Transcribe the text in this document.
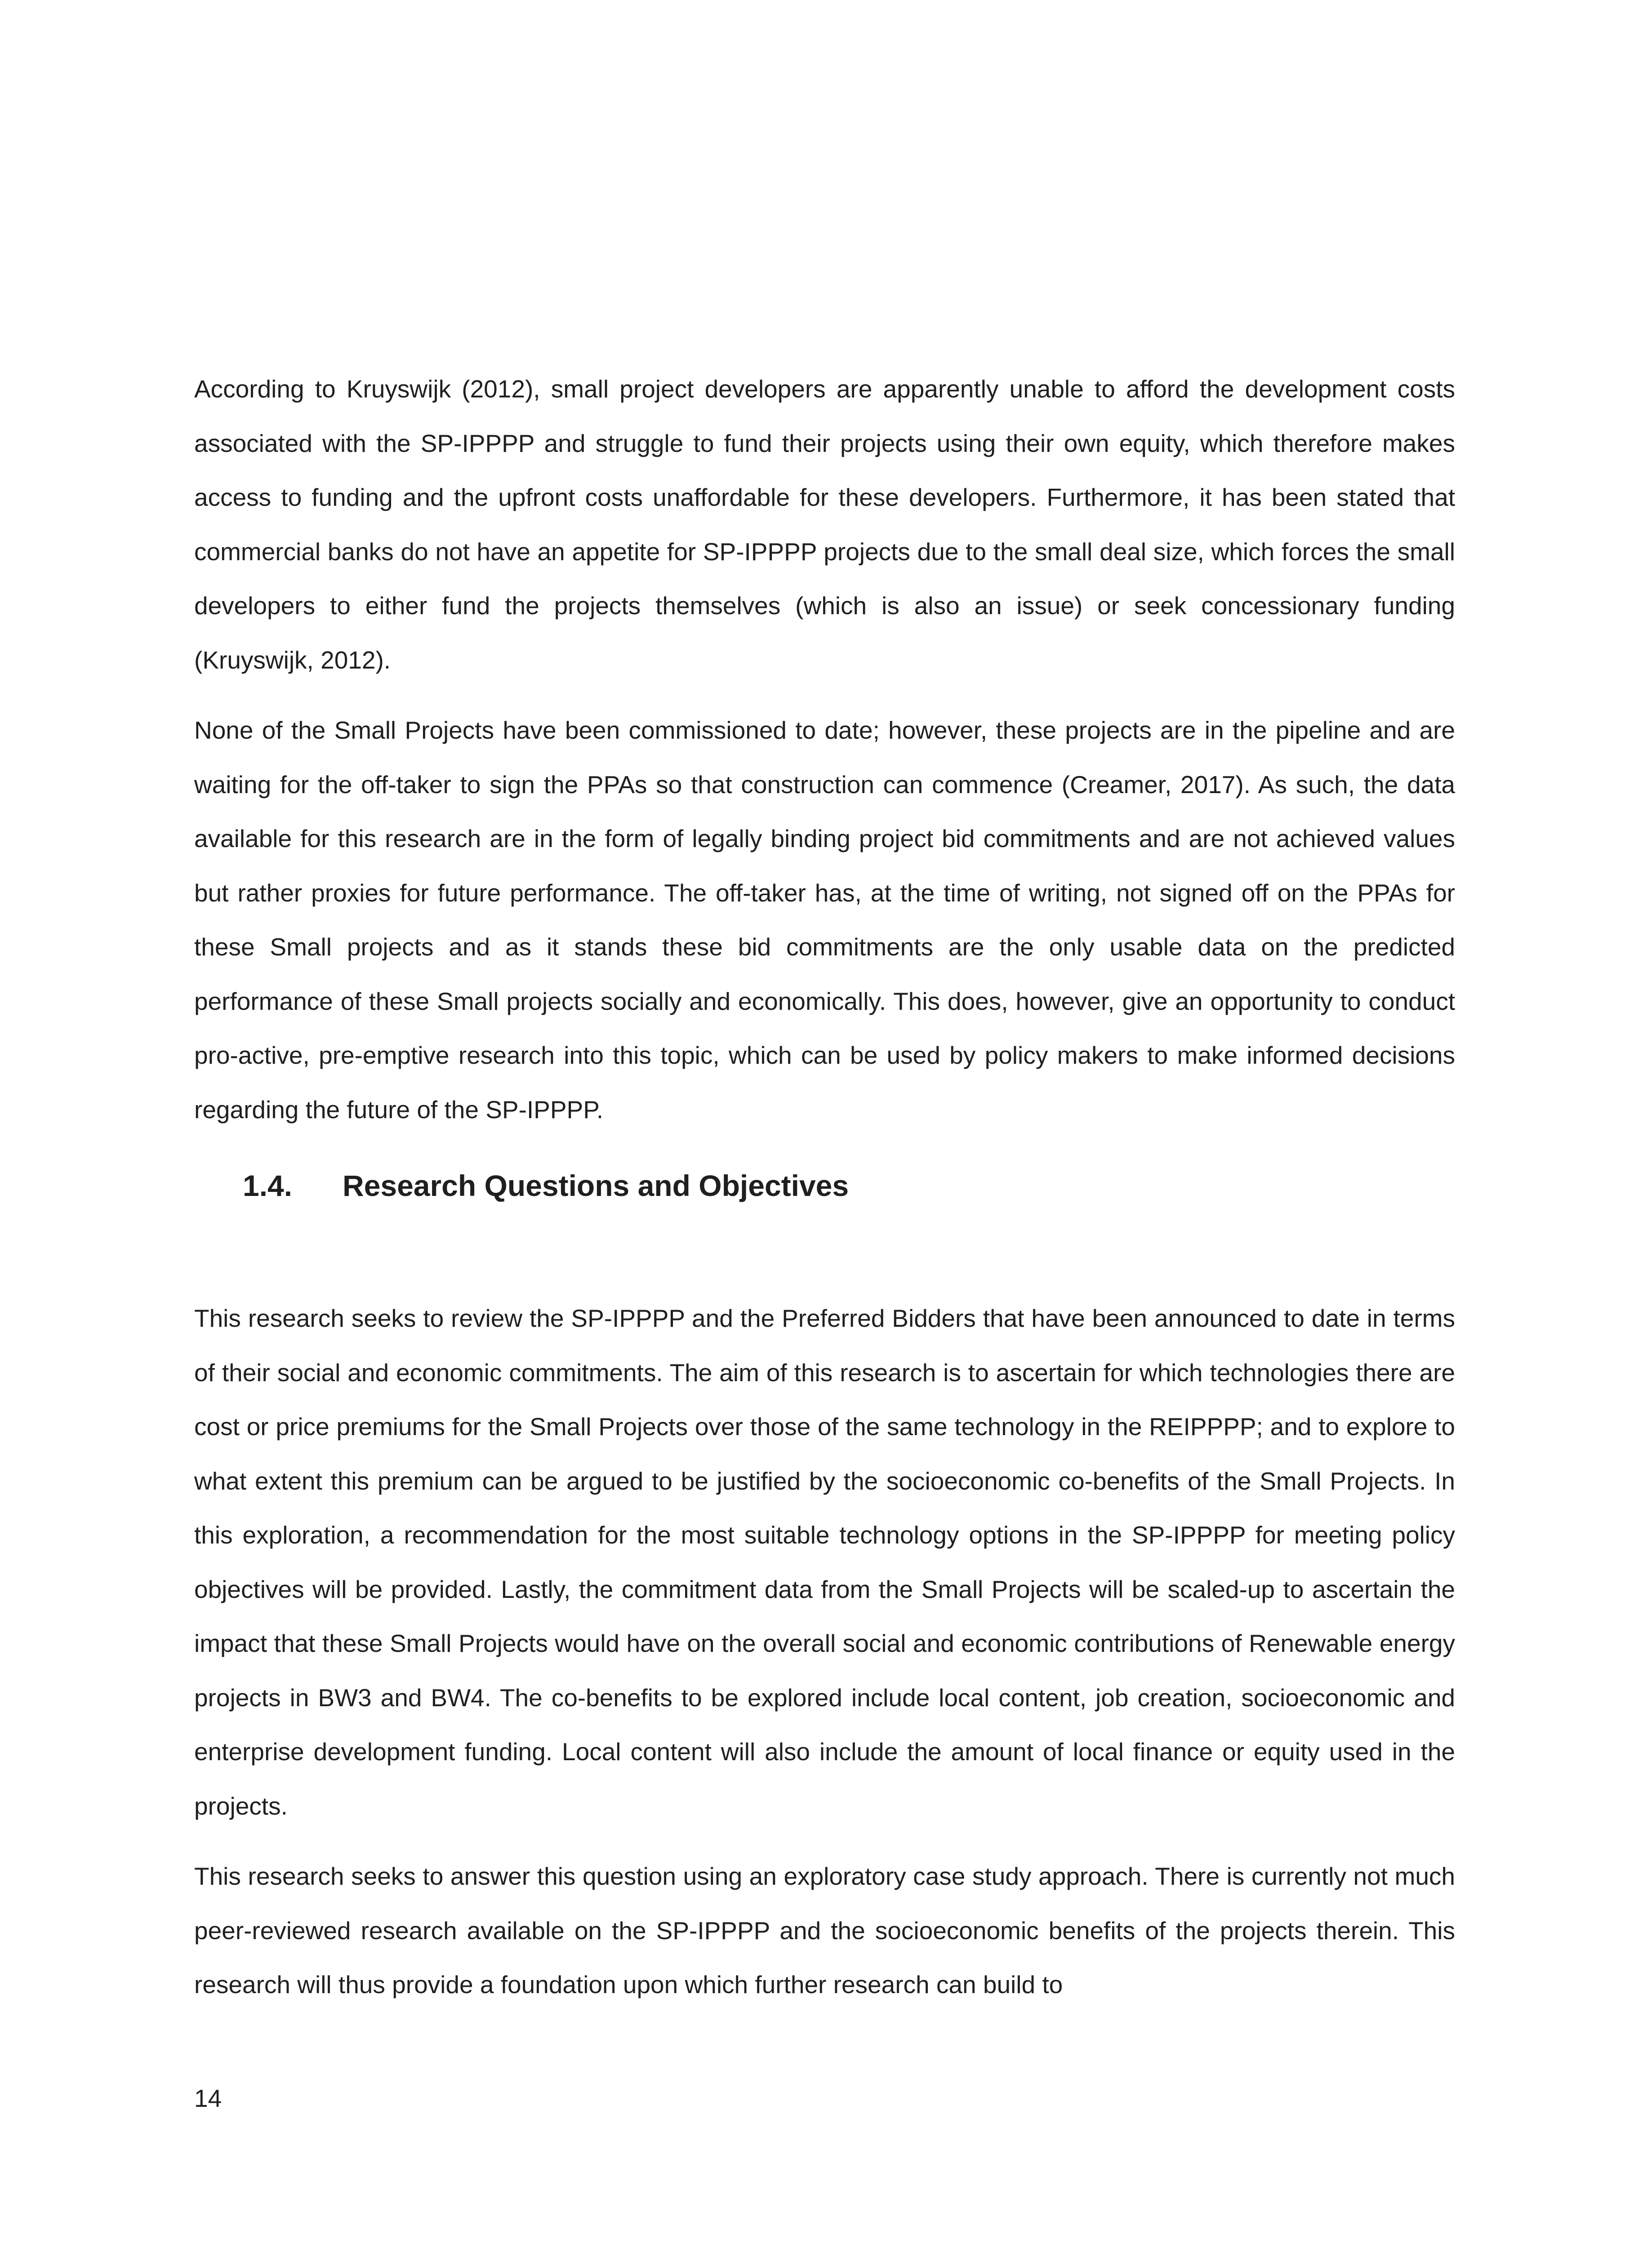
According to Kruyswijk (2012), small project developers are apparently unable to afford the development costs associated with the SP-IPPPP and struggle to fund their projects using their own equity, which therefore makes access to funding and the upfront costs unaffordable for these developers. Furthermore, it has been stated that commercial banks do not have an appetite for SP-IPPPP projects due to the small deal size, which forces the small developers to either fund the projects themselves (which is also an issue) or seek concessionary funding (Kruyswijk, 2012).

None of the Small Projects have been commissioned to date; however, these projects are in the pipeline and are waiting for the off-taker to sign the PPAs so that construction can commence (Creamer, 2017). As such, the data available for this research are in the form of legally binding project bid commitments and are not achieved values but rather proxies for future performance. The off-taker has, at the time of writing, not signed off on the PPAs for these Small projects and as it stands these bid commitments are the only usable data on the predicted performance of these Small projects socially and economically. This does, however, give an opportunity to conduct pro-active, pre-emptive research into this topic, which can be used by policy makers to make informed decisions regarding the future of the SP-IPPPP.

1.4.	Research Questions and Objectives

This research seeks to review the SP-IPPPP and the Preferred Bidders that have been announced to date in terms of their social and economic commitments. The aim of this research is to ascertain for which technologies there are cost or price premiums for the Small Projects over those of the same technology in the REIPPPP; and to explore to what extent this premium can be argued to be justified by the socioeconomic co-benefits of the Small Projects. In this exploration, a recommendation for the most suitable technology options in the SP-IPPPP for meeting policy objectives will be provided. Lastly, the commitment data from the Small Projects will be scaled-up to ascertain the impact that these Small Projects would have on the overall social and economic contributions of Renewable energy projects in BW3 and BW4. The co-benefits to be explored include local content, job creation, socioeconomic and enterprise development funding. Local content will also include the amount of local finance or equity used in the projects.

This research seeks to answer this question using an exploratory case study approach. There is currently not much peer-reviewed research available on the SP-IPPPP and the socioeconomic benefits of the projects therein. This research will thus provide a foundation upon which further research can build to

14
